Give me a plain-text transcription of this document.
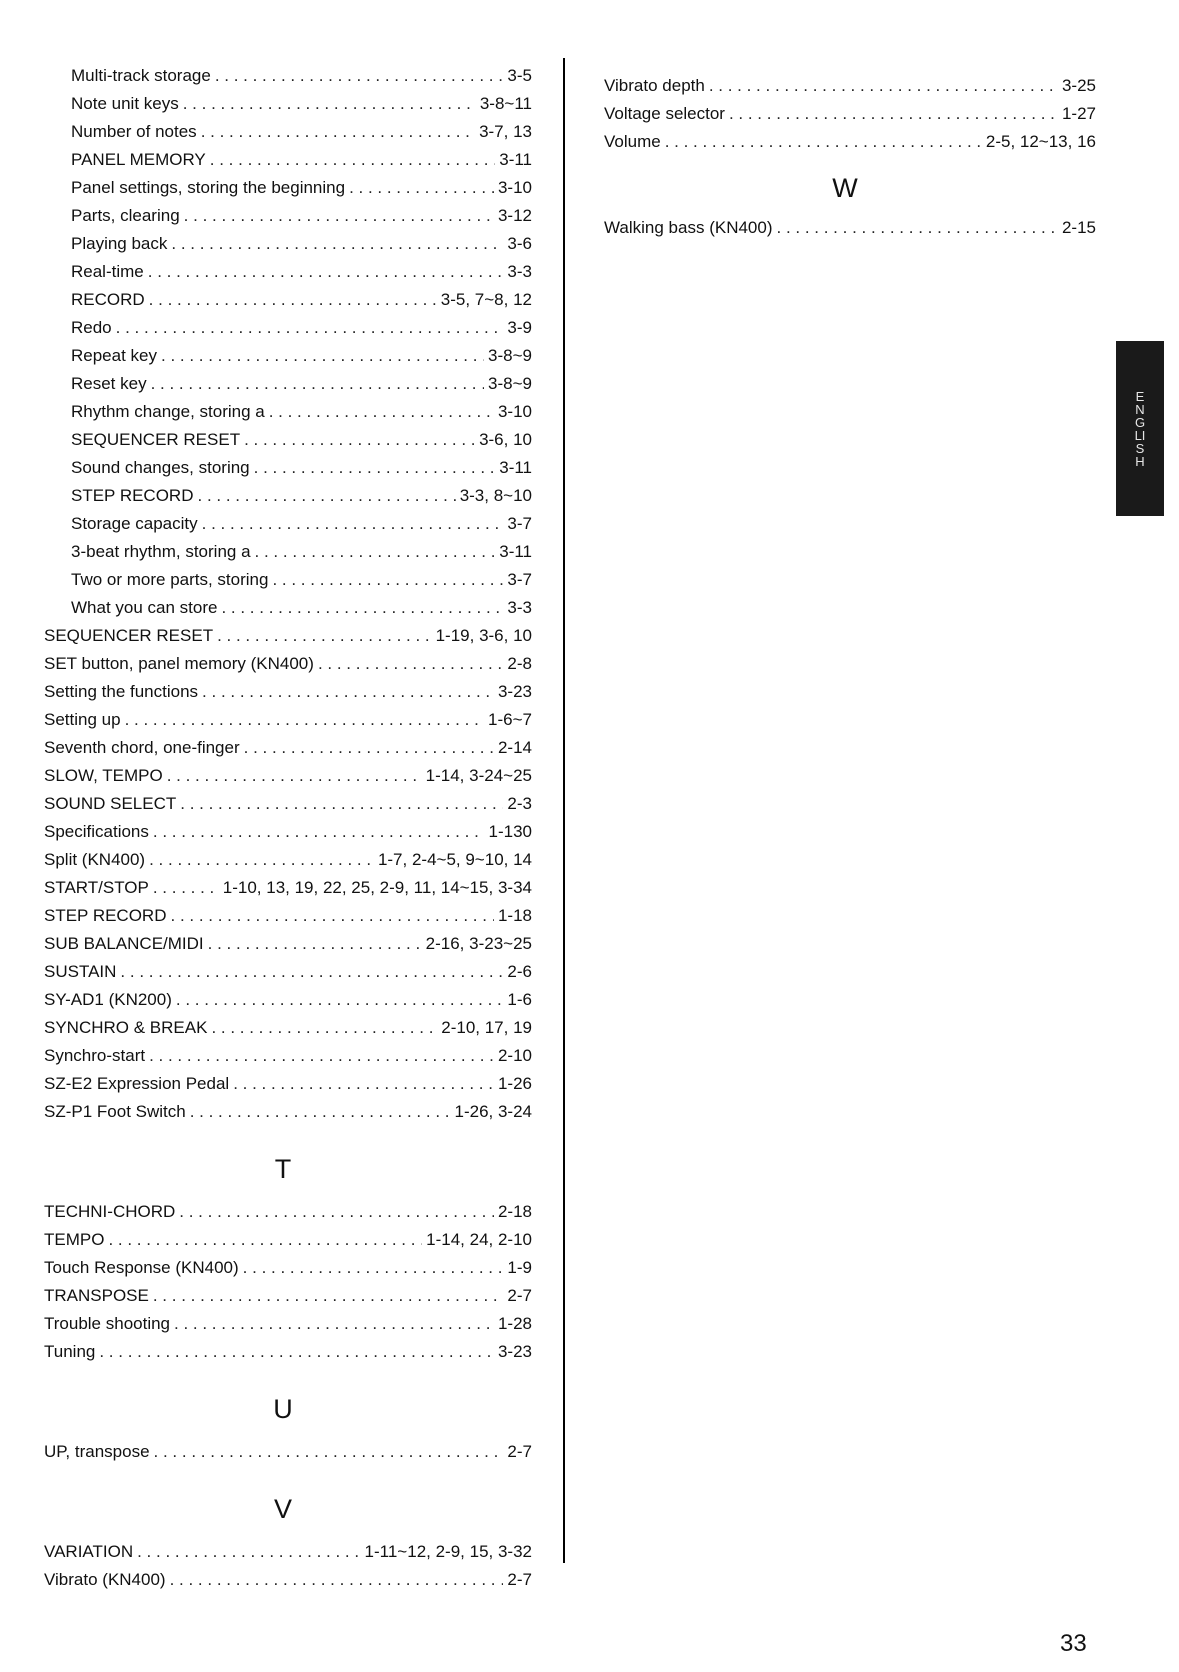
Multi-track storage . . .	3-5
Note unit keys . . .	3-8~11
Number of notes . . .	3-7, 13
PANEL MEMORY . . .	3-11
Panel settings, storing the beginning . . .	3-10
Parts, clearing . . .	3-12
Playing back . . .	3-6
Real-time . . .	3-3
RECORD . . .	3-5, 7~8, 12
Redo . . .	3-9
Repeat key . . .	3-8~9
Reset key . . .	3-8~9
Rhythm change, storing a . . .	3-10
SEQUENCER RESET . . .	3-6, 10
Sound changes, storing . . .	3-11
STEP RECORD . . .	3-3, 8~10
Storage capacity . . .	3-7
3-beat rhythm, storing a . . .	3-11
Two or more parts, storing . . .	3-7
What you can store . . .	3-3
SEQUENCER RESET . . .	1-19, 3-6, 10
SET button, panel memory (KN400) . . .	2-8
Setting the functions . . .	3-23
Setting up . . .	1-6~7
Seventh chord, one-finger . . .	2-14
SLOW, TEMPO . . .	1-14, 3-24~25
SOUND SELECT . . .	2-3
Specifications . . .	1-130
Split (KN400) . . .	1-7, 2-4~5, 9~10, 14
START/STOP . . .	1-10, 13, 19, 22, 25, 2-9, 11, 14~15, 3-34
STEP RECORD . . .	1-18
SUB BALANCE/MIDI . . .	2-16, 3-23~25
SUSTAIN . . .	2-6
SY-AD1 (KN200) . . .	1-6
SYNCHRO & BREAK . . .	2-10, 17, 19
Synchro-start . . .	2-10
SZ-E2 Expression Pedal . . .	1-26
SZ-P1 Foot Switch . . .	1-26, 3-24
T
TECHNI-CHORD . . .	2-18
TEMPO . . .	1-14, 24, 2-10
Touch Response (KN400) . . .	1-9
TRANSPOSE . . .	2-7
Trouble shooting . . .	1-28
Tuning . . .	3-23
U
UP, transpose . . .	2-7
V
VARIATION . . .	1-11~12, 2-9, 15, 3-32
Vibrato (KN400) . . .	2-7
Vibrato depth . . .	3-25
Voltage selector . . .	1-27
Volume . . .	2-5, 12~13, 16
W
Walking bass (KN400) . . .	2-15
ENGLISH
33
